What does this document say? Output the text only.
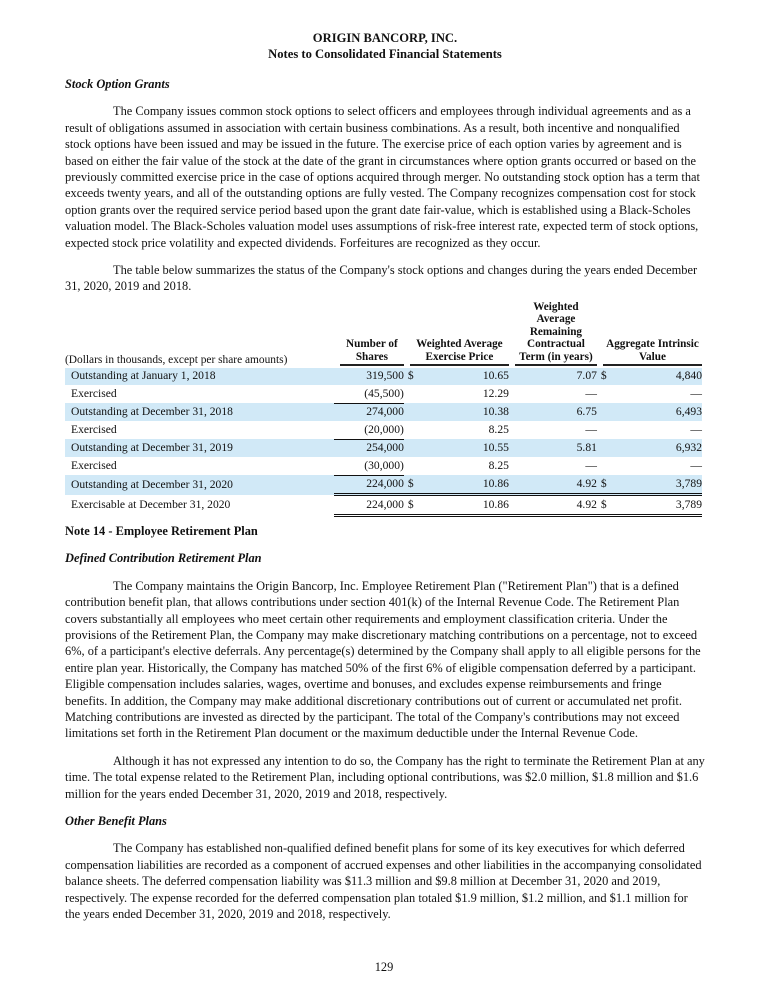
ORIGIN BANCORP, INC.
Notes to Consolidated Financial Statements
Stock Option Grants

The Company issues common stock options to select officers and employees through individual agreements and as a result of obligations assumed in association with certain business combinations. As a result, both incentive and nonqualified stock options have been issued and may be issued in the future. The exercise price of each option varies by agreement and is based on either the fair value of the stock at the date of the grant in circumstances where option grants occurred or based on the previously committed exercise price in the case of options acquired through merger. No outstanding stock option has a term that exceeds twenty years, and all of the outstanding options are fully vested. The Company recognizes compensation cost for stock option grants over the required service period based upon the grant date fair-value, which is established using a Black-Scholes valuation model. The Black-Scholes valuation model uses assumptions of risk-free interest rate, expected term of stock options, expected stock price volatility and expected dividends. Forfeitures are recognized as they occur.

The table below summarizes the status of the Company's stock options and changes during the years ended December 31, 2020, 2019 and 2018.

(Dollars in thousands, except per share amounts)	Number of Shares	Weighted Average Exercise Price		Weighted Average Remaining Contractual Term (in years)	Aggregate Intrinsic Value	

Outstanding at January 1, 2018	319,500	$	10.65	7.07	$	4,840
Exercised	(45,500)		12.29	—		—
Outstanding at December 31, 2018	274,000		10.38	6.75		6,493
Exercised	(20,000)		8.25	—		—
Outstanding at December 31, 2019	254,000		10.55	5.81		6,932
Exercised	(30,000)		8.25	—		—
Outstanding at December 31, 2020	224,000	$	10.86	4.92	$	3,789
Exercisable at December 31, 2020	224,000	$	10.86	4.92	$	3,789
Note 14 - Employee Retirement Plan
Defined Contribution Retirement Plan

The Company maintains the Origin Bancorp, Inc. Employee Retirement Plan ("Retirement Plan") that is a defined contribution benefit plan, that allows contributions under section 401(k) of the Internal Revenue Code. The Retirement Plan covers substantially all employees who meet certain other requirements and employment classification criteria. Under the provisions of the Retirement Plan, the Company may make discretionary matching contributions on a percentage, not to exceed 6%, of a participant's elective deferrals. Any percentage(s) determined by the Company shall apply to all eligible persons for the entire plan year. Historically, the Company has matched 50% of the first 6% of eligible compensation deferred by a participant. Eligible compensation includes salaries, wages, overtime and bonuses, and excludes expense reimbursements and fringe benefits. In addition, the Company may make additional discretionary contributions out of current or accumulated net profit. Matching contributions are invested as directed by the participant. The total of the Company's contributions may not exceed limitations set forth in the Retirement Plan document or the maximum deductible under the Internal Revenue Code.

Although it has not expressed any intention to do so, the Company has the right to terminate the Retirement Plan at any time. The total expense related to the Retirement Plan, including optional contributions, was $2.0 million, $1.8 million and $1.6 million for the years ended December 31, 2020, 2019 and 2018, respectively.

Other Benefit Plans

The Company has established non-qualified defined benefit plans for some of its key executives for which deferred compensation liabilities are recorded as a component of accrued expenses and other liabilities in the accompanying consolidated balance sheets. The deferred compensation liability was $11.3 million and $9.8 million at December 31, 2020 and 2019, respectively. The expense recorded for the deferred compensation plan totaled $1.9 million, $1.2 million, and $1.1 million for the years ended December 31, 2020, 2019 and 2018, respectively.

129
